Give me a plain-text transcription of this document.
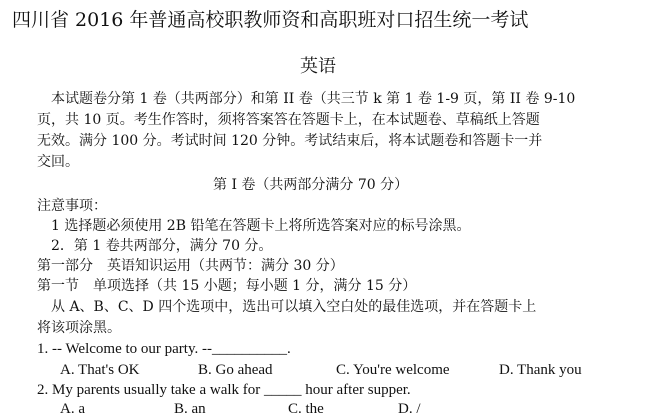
四川省 2016 年普通高校职教师资和高职班对口招生统一考试
英语
本试题卷分第 1 卷（共两部分）和第 II 卷（共三节 k 第 1 卷 1-9 页，第 II 卷 9-10
页，共 10 页。考生作答时，须将答案答在答题卡上，在本试题卷、草稿纸上答题
无效。满分 100 分。考试时间 120 分钟。考试结束后，将本试题卷和答题卡一并
交回。
第 I 卷（共两部分满分 70 分）
注意事项：
1 选择题必须使用 2B 铅笔在答题卡上将所选答案对应的标号涂黑。
2．第 1 卷共两部分，满分 70 分。
第一部分　英语知识运用（共两节：满分 30 分）
第一节　单项选择（共 15 小题；每小题 1 分，满分 15 分）
从 A、B、C、D 四个选项中，选出可以填入空白处的最佳选项，并在答题卡上
将该项涂黑。
1. -- Welcome to our party. --__________.
A. That's OK	B. Go ahead	C. You're welcome	D. Thank you
2. My parents usually take a walk for _____ hour after supper.
A. a	B. an	C. the	D. /
